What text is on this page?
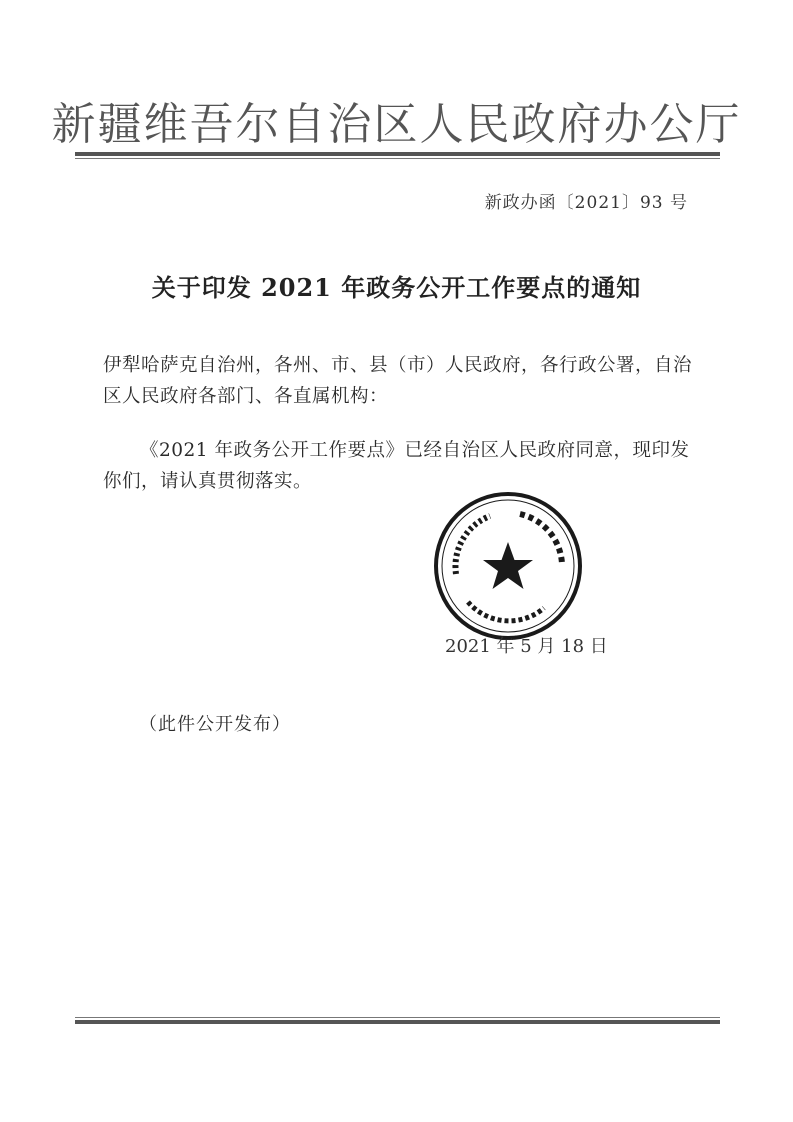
新疆维吾尔自治区人民政府办公厅
新政办函〔2021〕93 号
关于印发 2021 年政务公开工作要点的通知
伊犁哈萨克自治州，各州、市、县（市）人民政府，各行政公署，自治区人民政府各部门、各直属机构：
《2021 年政务公开工作要点》已经自治区人民政府同意，现印发你们，请认真贯彻落实。
2021 年 5 月 18 日
（此件公开发布）
